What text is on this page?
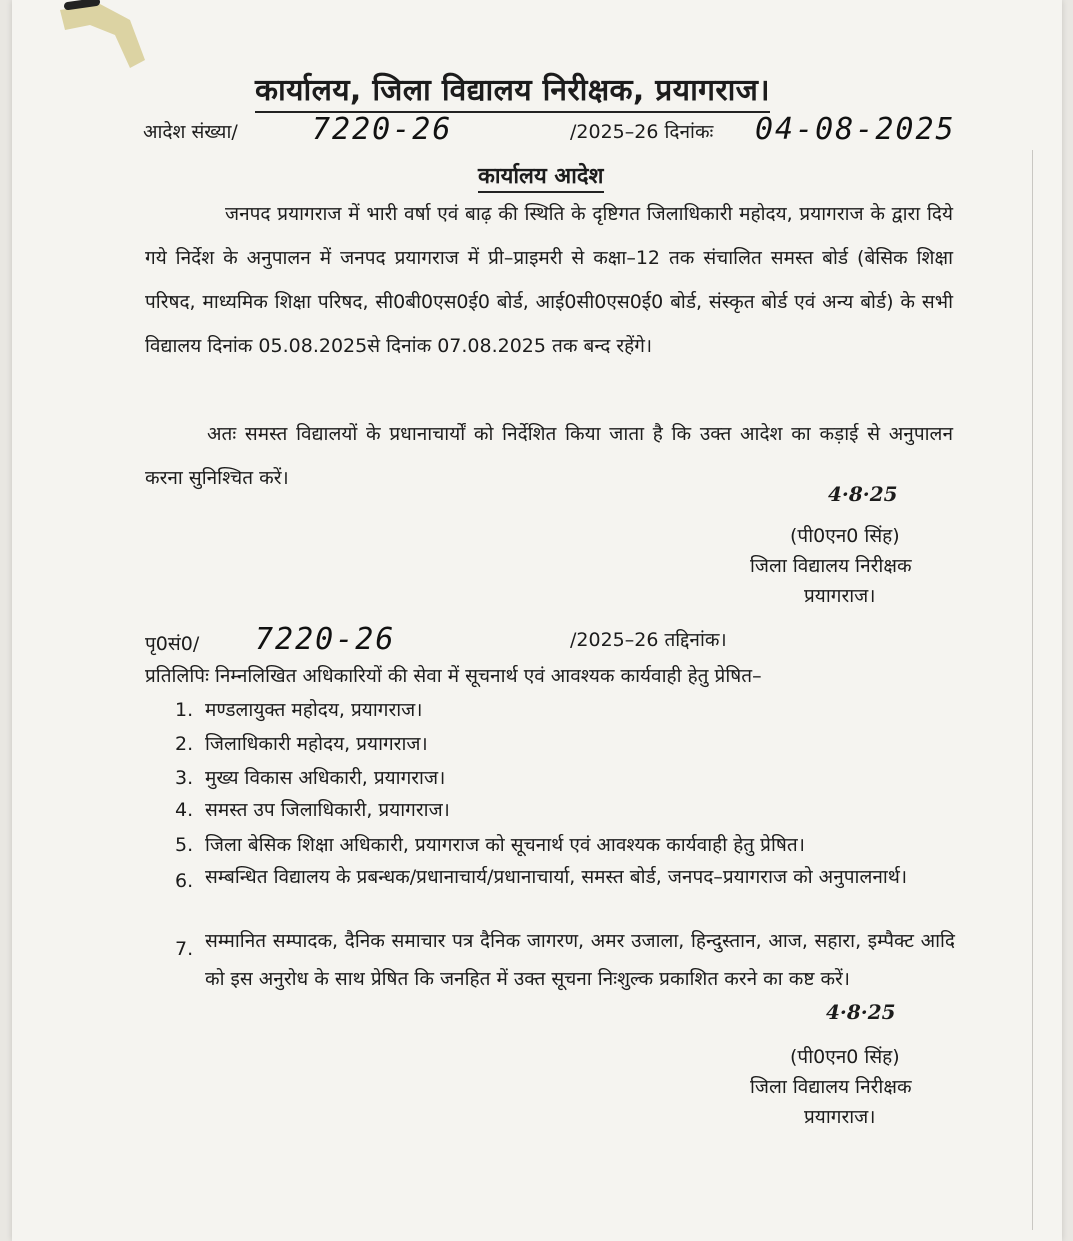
कार्यालय, जिला विद्यालय निरीक्षक, प्रयागराज।
आदेश संख्या/ 7220-26	/2025–26 दिनांकः 04-08-2025
कार्यालय आदेश
जनपद प्रयागराज में भारी वर्षा एवं बाढ़ की स्थिति के दृष्टिगत जिलाधिकारी महोदय, प्रयागराज के द्वारा दिये गये निर्देश के अनुपालन में जनपद प्रयागराज में प्री–प्राइमरी से कक्षा–12 तक संचालित समस्त बोर्ड (बेसिक शिक्षा परिषद, माध्यमिक शिक्षा परिषद, सी0बी0एस0ई0 बोर्ड, आई0सी0एस0ई0 बोर्ड, संस्कृत बोर्ड एवं अन्य बोर्ड) के सभी विद्यालय दिनांक 05.08.2025से दिनांक 07.08.2025 तक बन्द रहेंगे।
अतः समस्त विद्यालयों के प्रधानाचार्यों को निर्देशित किया जाता है कि उक्त आदेश का कड़ाई से अनुपालन करना सुनिश्चित करें।
4·8·25
(पी0एन0 सिंह)
जिला विद्यालय निरीक्षक
प्रयागराज।
पृ0सं0/ 7220-26	/2025–26 तद्दिनांक।
प्रतिलिपिः निम्नलिखित अधिकारियों की सेवा में सूचनार्थ एवं आवश्यक कार्यवाही हेतु प्रेषित–
1. मण्डलायुक्त महोदय, प्रयागराज।
2. जिलाधिकारी महोदय, प्रयागराज।
3. मुख्य विकास अधिकारी, प्रयागराज।
4. समस्त उप जिलाधिकारी, प्रयागराज।
5. जिला बेसिक शिक्षा अधिकारी, प्रयागराज को सूचनार्थ एवं आवश्यक कार्यवाही हेतु प्रेषित।
6. सम्बन्धित विद्यालय के प्रबन्धक/प्रधानाचार्य/प्रधानाचार्या, समस्त बोर्ड, जनपद–प्रयागराज को अनुपालनार्थ।
7. सम्मानित सम्पादक, दैनिक समाचार पत्र दैनिक जागरण, अमर उजाला, हिन्दुस्तान, आज, सहारा, इम्पैक्ट आदि को इस अनुरोध के साथ प्रेषित कि जनहित में उक्त सूचना निःशुल्क प्रकाशित करने का कष्ट करें।
4·8·25
(पी0एन0 सिंह)
जिला विद्यालय निरीक्षक
प्रयागराज।
